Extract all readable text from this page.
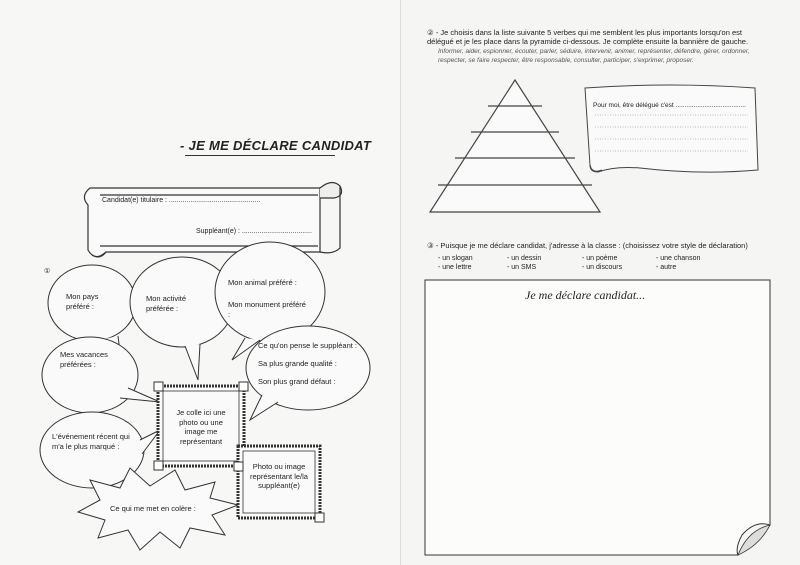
- JE ME DÉCLARE CANDIDAT
Candidat(e) titulaire : ...............................................
Suppléant(e) : ....................................
①
Mon pays préféré :
Mon activité préférée :
Mon animal préféré :
Mon monument préféré :
Mes vacances préférées :
L'événement récent qui m'a le plus marqué :
Ce qui me met en colère :
Ce qu'on pense le suppléant :
Sa plus grande qualité :
Son plus grand défaut :
Je colle ici une photo ou une image me représentant
Photo ou image représentant le/la suppléant(e)
② - Je choisis dans la liste suivante 5 verbes qui me semblent les plus importants lorsqu'on est délégué et je les place dans la pyramide ci-dessous. Je complète ensuite la bannière de gauche.
Informer, aider, espionner, écouter, parler, séduire, intervenir, animer, représenter, défendre, gérer, ordonner, respecter, se faire respecter, être responsable, consulter, participer, s'exprimer, proposer.
Pour moi, être délégué c'est .......................................
③ - Puisque je me déclare candidat, j'adresse à la classe : (choisissez votre style de déclaration)
- un slogan	- un dessin	- un poème	- une chanson
- une lettre	- un SMS	- un discours	- autre
Je me déclare candidat...
